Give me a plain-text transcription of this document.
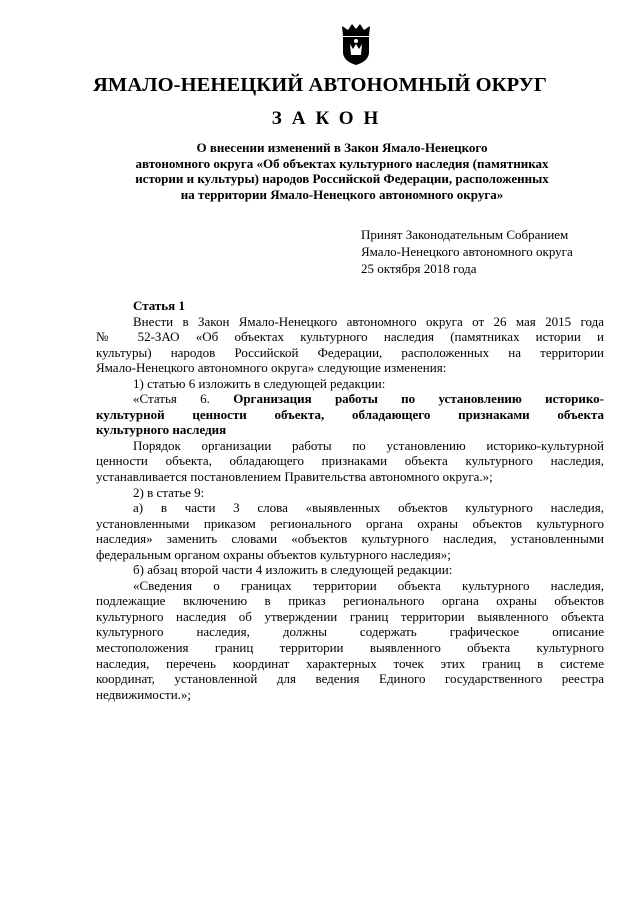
ЯМАЛО-НЕНЕЦКИЙ АВТОНОМНЫЙ ОКРУГ
ЗАКОН
О внесении изменений в Закон Ямало-Ненецкого
автономного округа «Об объектах культурного наследия (памятниках
истории и культуры) народов Российской Федерации, расположенных
на территории Ямало-Ненецкого автономного округа»
Принят Законодательным Собранием
Ямало-Ненецкого автономного округа
25 октября 2018 года
Статья 1

Внести в Закон Ямало-Ненецкого автономного округа от 26 мая 2015 года
№ 52-ЗАО «Об объектах культурного наследия (памятниках истории и
культуры) народов Российской Федерации, расположенных на территории
Ямало-Ненецкого автономного округа» следующие изменения:

1) статью 6 изложить в следующей редакции:

«Статья 6. Организация работы по установлению историко-
культурной ценности объекта, обладающего признаками объекта
культурного наследия

Порядок организации работы по установлению историко-культурной
ценности объекта, обладающего признаками объекта культурного наследия,
устанавливается постановлением Правительства автономного округа.»;

2) в статье 9:

а) в части 3 слова «выявленных объектов культурного наследия,
установленными приказом регионального органа охраны объектов культурного
наследия» заменить словами «объектов культурного наследия, установленными
федеральным органом охраны объектов культурного наследия»;

б) абзац второй части 4 изложить в следующей редакции:

«Сведения о границах территории объекта культурного наследия,
подлежащие включению в приказ регионального органа охраны объектов
культурного наследия об утверждении границ территории выявленного объекта
культурного наследия, должны содержать графическое описание
местоположения границ территории выявленного объекта культурного
наследия, перечень координат характерных точек этих границ в системе
координат, установленной для ведения Единого государственного реестра
недвижимости.»;
